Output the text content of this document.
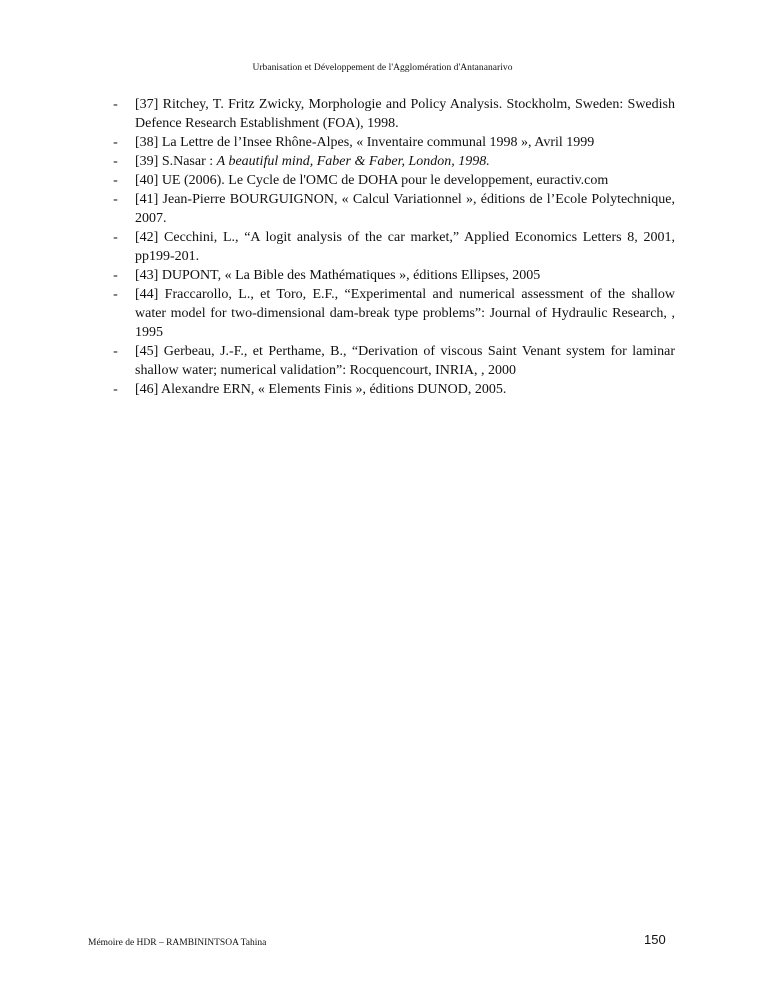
Urbanisation et Développement de l'Agglomération d'Antananarivo
-	[37] Ritchey, T. Fritz Zwicky, Morphologie and Policy Analysis. Stockholm, Sweden: Swedish Defence Research Establishment (FOA), 1998.
-	[38] La Lettre de l’Insee Rhône-Alpes, « Inventaire communal 1998 », Avril 1999
-	[39] S.Nasar : A beautiful mind, Faber & Faber, London, 1998.
-	[40] UE (2006). Le Cycle de l'OMC de DOHA pour le developpement, euractiv.com
-	[41] Jean-Pierre BOURGUIGNON, « Calcul Variationnel », éditions de l’Ecole Polytechnique, 2007.
-	[42] Cecchini, L., “A logit analysis of the car market,” Applied Economics Letters 8, 2001, pp199-201.
-	[43] DUPONT, « La Bible des Mathématiques », éditions Ellipses, 2005
-	[44] Fraccarollo, L., et Toro, E.F., “Experimental and numerical assessment of the shallow water model for two-dimensional dam-break type problems”: Journal of Hydraulic Research, , 1995
-	[45] Gerbeau, J.-F., et Perthame, B., “Derivation of viscous Saint Venant system for laminar shallow water; numerical validation”: Rocquencourt, INRIA, , 2000
-	[46] Alexandre ERN, « Elements Finis », éditions DUNOD, 2005.
Mémoire de HDR – RAMBININTSOA Tahina	150
